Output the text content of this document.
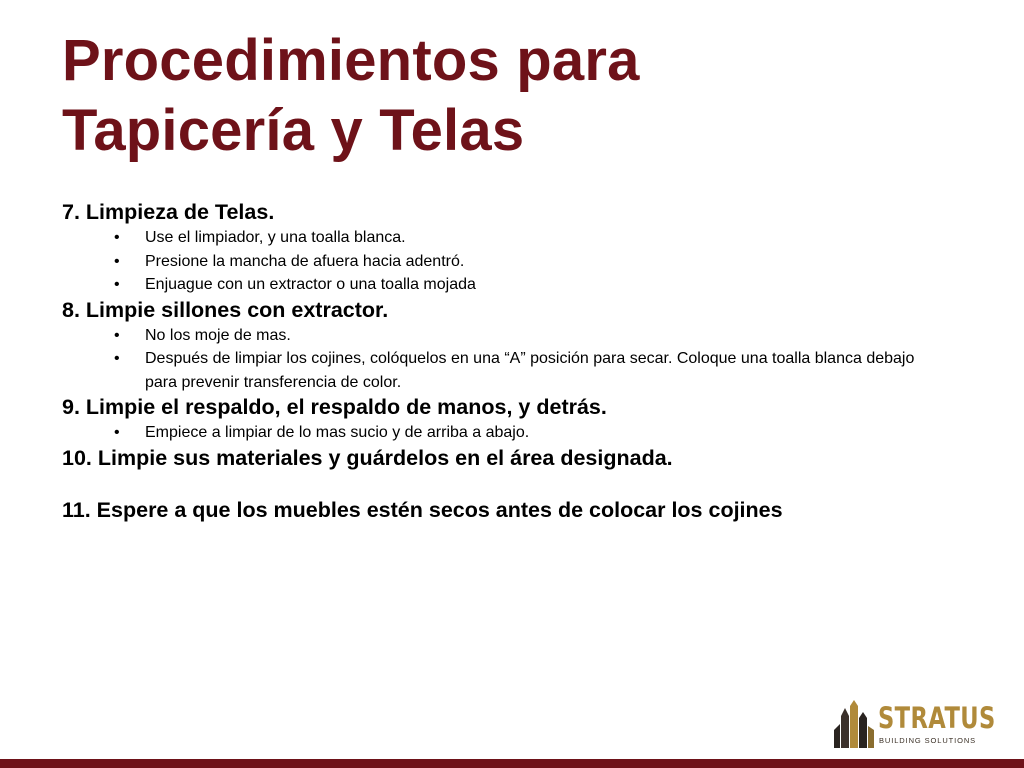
Procedimientos para
Tapicería y Telas
7. Limpieza de Telas.
• Use el limpiador, y una toalla blanca.
• Presione la mancha de afuera hacia adentró.
• Enjuague con un extractor o una toalla mojada
8. Limpie sillones con extractor.
• No los moje de mas.
• Después de limpiar los cojines, colóquelos en una “A” posición para secar. Coloque una toalla blanca debajo para prevenir transferencia de color.
9. Limpie el respaldo, el respaldo de manos, y detrás.
• Empiece a limpiar de lo mas sucio y de arriba a abajo.
10. Limpie sus materiales y guárdelos en el área designada.
11. Espere a que los muebles estén secos antes de colocar los cojines
STRATUS
BUILDING SOLUTIONS
